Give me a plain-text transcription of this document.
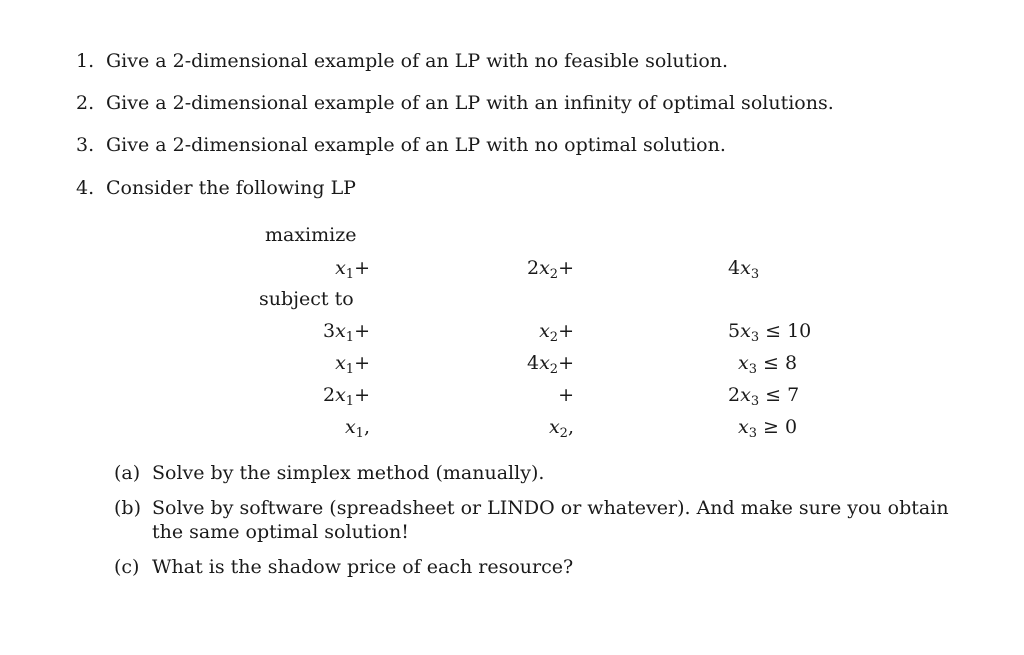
1. Give a 2-dimensional example of an LP with no feasible solution.
2. Give a 2-dimensional example of an LP with an infinity of optimal solutions.
3. Give a 2-dimensional example of an LP with no optimal solution.
4. Consider the following LP
maximize
$x_1+$	$2x_2+$	$4x_3$
subject to
$3x_1+$	$x_2+$	$5x_3 \le 10$
$x_1+$	$4x_2+$	$x_3 \le 8$
$2x_1+$	+	$2x_3 \le 7$
$x_1$,	$x_2$,	$x_3 \ge 0$
(a) Solve by the simplex method (manually).
(b) Solve by software (spreadsheet or LINDO or whatever). And make sure you obtain the same optimal solution!
(c) What is the shadow price of each resource?
